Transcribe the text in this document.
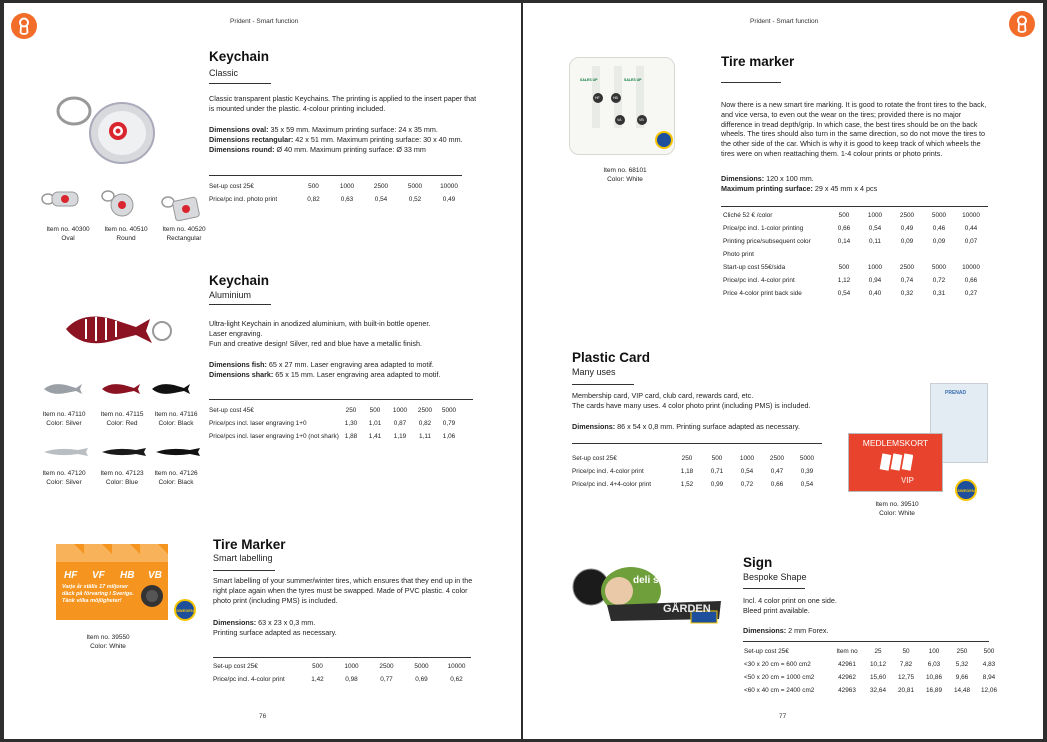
Prident - Smart function
Keychain
Classic
Classic transparent plastic Keychains. The printing is applied to the insert paper that is mounted under the plastic. 4-colour printing included.
Dimensions oval: 35 x 59 mm. Maximum printing surface: 24 x 35 mm.
Dimensions rectangular: 42 x 51 mm. Maximum printing surface: 30 x 40 mm.
Dimensions round: Ø 40 mm. Maximum printing surface: Ø 33 mm
Set-up cost 25€	500	1000	2500	5000	10000
Price/pc incl. photo print	0,82	0,63	0,54	0,52	0,49
Item no. 40300
Oval
Item no. 40510
Round
Item no. 40520
Rectangular
Keychain
Aluminium
Ultra-light Keychain in anodized aluminium, with built-in bottle opener.
Laser engraving.
Fun and creative design! Silver, red and blue have a metallic finish.
Dimensions fish: 65 x 27 mm. Laser engraving area adapted to motif.
Dimensions shark: 65 x 15 mm. Laser engraving area adapted to motif.
Set-up cost 45€	250	500	1000	2500	5000
Price/pcs incl. laser engraving 1+0	1,30	1,01	0,87	0,82	0,79
Price/pcs incl. laser engraving 1+0 (not shark)	1,88	1,41	1,19	1,11	1,06
Item no. 47110
Color: Silver
Item no. 47115
Color: Red
Item no. 47116
Color: Black
Item no. 47120
Color: Silver
Item no. 47123
Color: Blue
Item no. 47126
Color: Black
HF VF HB VB
Varje år ställs 17 miljoner
däck på förvaring i Sverige.
Tänk vilka möjligheter!
SWEDEN
Item no. 39550
Color: White
Tire Marker
Smart labelling
Smart labelling of your summer/winter tires, which ensures that they end up in the right place again when the tyres must be swapped. Made of PVC plastic. 4 color photo print (including PMS) is included.
Dimensions: 63 x 23 x 0,3 mm.
Printing surface adapted as necessary.
Set-up cost 25€	500	1000	2500	5000	10000
Price/pc incl. 4-color print	1,42	0,98	0,77	0,69	0,62
76
Prident - Smart function
SALES UP	SALES UP
HF	HB
VA	VB
Item no. 68101
Color: White
Tire marker
Now there is a new smart tire marking. It is good to rotate the front tires to the back, and vice versa, to even out the wear on the tires; provided there is no major difference in tread depth/grip. In which case, the best tires should be on the back wheels. The tires should also turn in the same direction, so do not move the tires to the other side of the car. Which is why it is good to keep track of which wheels the tires were on when reattaching them. 1-4 colour prints or photo prints.
Dimensions: 120 x 100 mm.
Maximum printing surface: 29 x 45 mm x 4 pcs
Cliché 52 € /color	500	1000	2500	5000	10000
Price/pc incl. 1-color printing	0,66	0,54	0,49	0,46	0,44
Printing price/subsequent color	0,14	0,11	0,09	0,09	0,07
Photo print					
Start-up cost 55€/sida	500	1000	2500	5000	10000
Price/pc incl. 4-color print	1,12	0,94	0,74	0,72	0,66
Price 4-color print back side	0,54	0,40	0,32	0,31	0,27
Plastic Card
Many uses
Membership card, VIP card, club card, rewards card, etc.
The cards have many uses. 4 color photo print (including PMS) is included.
Dimensions: 86 x 54 x 0,8 mm. Printing surface adapted as necessary.
Set-up cost 25€	250	500	1000	2500	5000
Price/pc incl. 4-color print	1,18	0,71	0,54	0,47	0,39
Price/pc incl. 4+4-color print	1,52	0,99	0,72	0,66	0,54
PRENAD
MEDLEMSKORT
VIP
SWEDEN
Item no. 39510
Color: White
deli soup
GÅRDEN
Sign
Bespoke Shape
Incl. 4 color print on one side.
Bleed print available.
Dimensions: 2 mm Forex.
Set-up cost 25€	Item no	25	50	100	250	500
<30 x 20 cm = 600 cm2	42961	10,12	7,82	6,03	5,32	4,83
<50 x 20 cm = 1000 cm2	42962	15,60	12,75	10,86	9,66	8,94
<60 x 40 cm = 2400 cm2	42963	32,64	20,81	16,89	14,48	12,06
77
